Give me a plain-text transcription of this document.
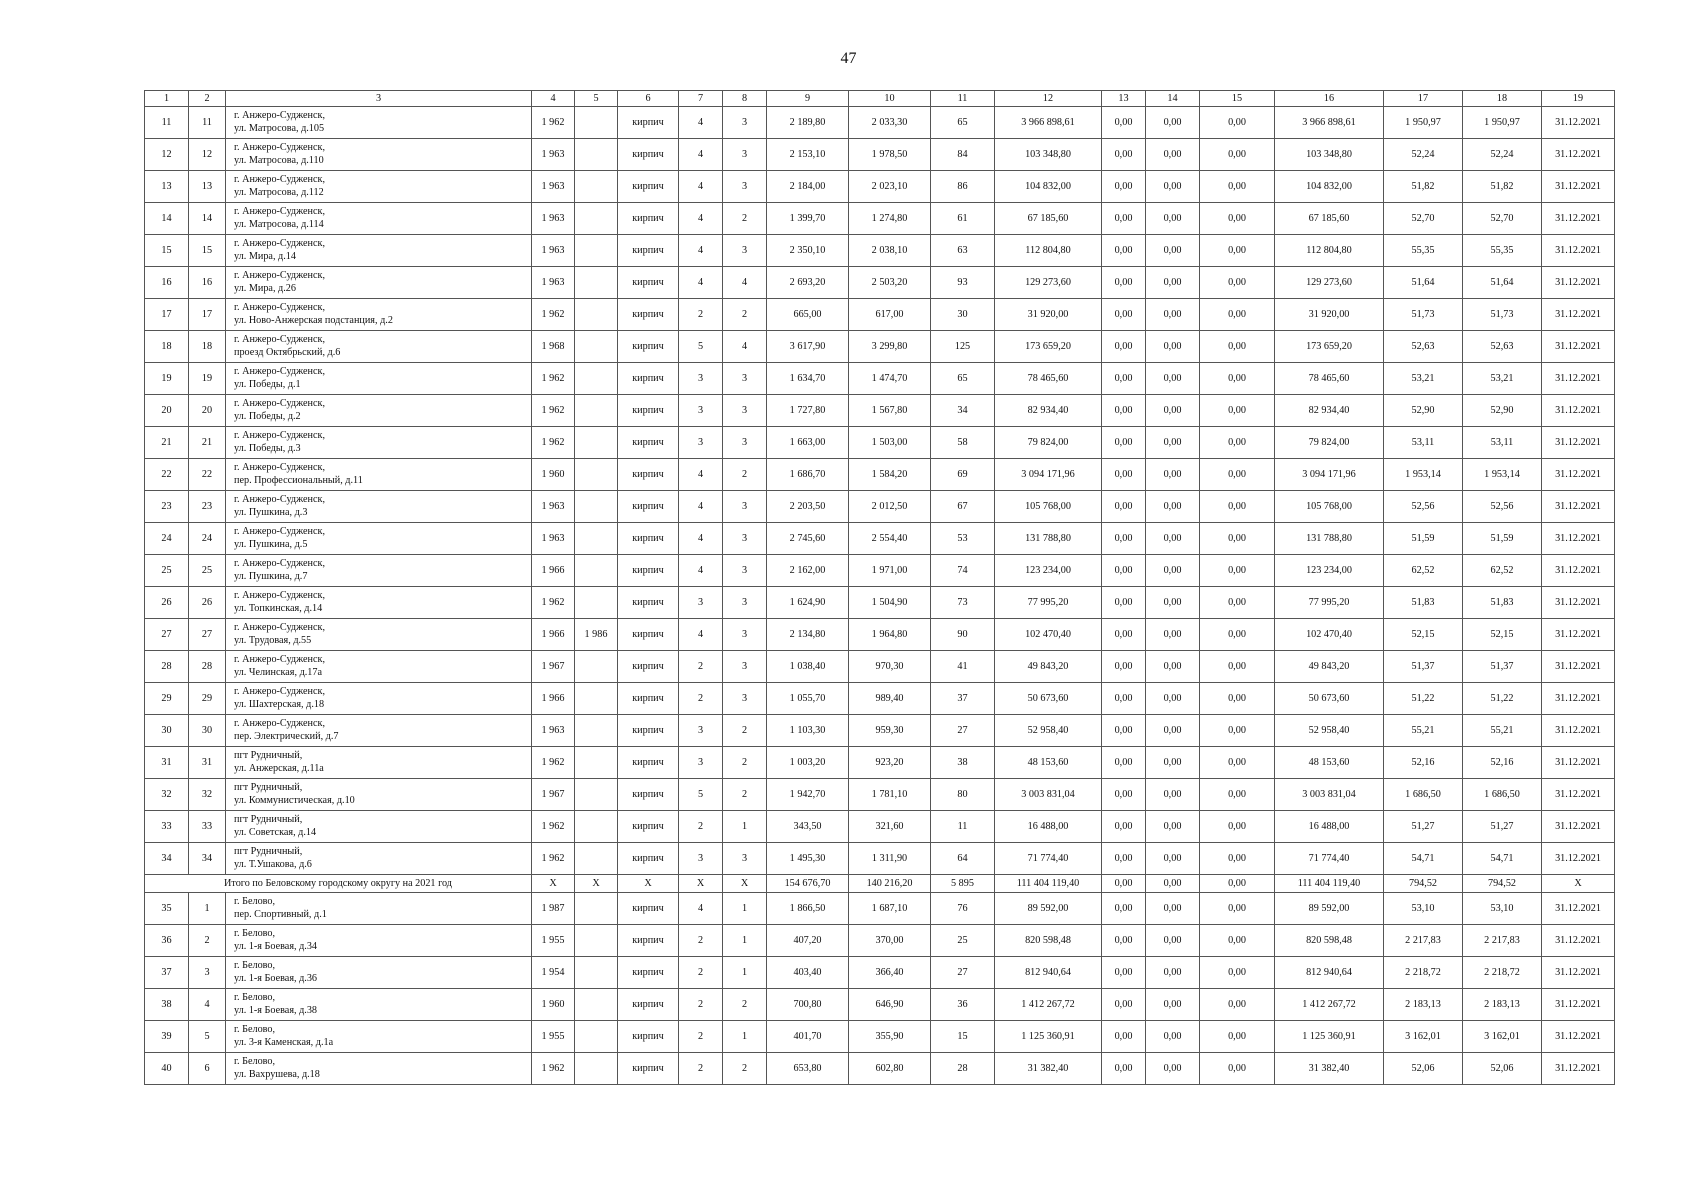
47
1	2	3	4	5	6	7	8	9	10	11	12	13	14	15	16	17	18	19
11	11	г. Анжеро-Судженск,
ул. Матросова, д.105	1 962		кирпич	4	3	2 189,80	2 033,30	65	3 966 898,61	0,00	0,00	0,00	3 966 898,61	1 950,97	1 950,97	31.12.2021
12	12	г. Анжеро-Судженск,
ул. Матросова, д.110	1 963		кирпич	4	3	2 153,10	1 978,50	84	103 348,80	0,00	0,00	0,00	103 348,80	52,24	52,24	31.12.2021
13	13	г. Анжеро-Судженск,
ул. Матросова, д.112	1 963		кирпич	4	3	2 184,00	2 023,10	86	104 832,00	0,00	0,00	0,00	104 832,00	51,82	51,82	31.12.2021
14	14	г. Анжеро-Судженск,
ул. Матросова, д.114	1 963		кирпич	4	2	1 399,70	1 274,80	61	67 185,60	0,00	0,00	0,00	67 185,60	52,70	52,70	31.12.2021
15	15	г. Анжеро-Судженск,
ул. Мира, д.14	1 963		кирпич	4	3	2 350,10	2 038,10	63	112 804,80	0,00	0,00	0,00	112 804,80	55,35	55,35	31.12.2021
16	16	г. Анжеро-Судженск,
ул. Мира, д.26	1 963		кирпич	4	4	2 693,20	2 503,20	93	129 273,60	0,00	0,00	0,00	129 273,60	51,64	51,64	31.12.2021
17	17	г. Анжеро-Судженск,
ул. Ново-Анжерская подстанция, д.2	1 962		кирпич	2	2	665,00	617,00	30	31 920,00	0,00	0,00	0,00	31 920,00	51,73	51,73	31.12.2021
18	18	г. Анжеро-Судженск,
проезд Октябрьский, д.6	1 968		кирпич	5	4	3 617,90	3 299,80	125	173 659,20	0,00	0,00	0,00	173 659,20	52,63	52,63	31.12.2021
19	19	г. Анжеро-Судженск,
ул. Победы, д.1	1 962		кирпич	3	3	1 634,70	1 474,70	65	78 465,60	0,00	0,00	0,00	78 465,60	53,21	53,21	31.12.2021
20	20	г. Анжеро-Судженск,
ул. Победы, д.2	1 962		кирпич	3	3	1 727,80	1 567,80	34	82 934,40	0,00	0,00	0,00	82 934,40	52,90	52,90	31.12.2021
21	21	г. Анжеро-Судженск,
ул. Победы, д.3	1 962		кирпич	3	3	1 663,00	1 503,00	58	79 824,00	0,00	0,00	0,00	79 824,00	53,11	53,11	31.12.2021
22	22	г. Анжеро-Судженск,
пер. Профессиональный, д.11	1 960		кирпич	4	2	1 686,70	1 584,20	69	3 094 171,96	0,00	0,00	0,00	3 094 171,96	1 953,14	1 953,14	31.12.2021
23	23	г. Анжеро-Судженск,
ул. Пушкина, д.3	1 963		кирпич	4	3	2 203,50	2 012,50	67	105 768,00	0,00	0,00	0,00	105 768,00	52,56	52,56	31.12.2021
24	24	г. Анжеро-Судженск,
ул. Пушкина, д.5	1 963		кирпич	4	3	2 745,60	2 554,40	53	131 788,80	0,00	0,00	0,00	131 788,80	51,59	51,59	31.12.2021
25	25	г. Анжеро-Судженск,
ул. Пушкина, д.7	1 966		кирпич	4	3	2 162,00	1 971,00	74	123 234,00	0,00	0,00	0,00	123 234,00	62,52	62,52	31.12.2021
26	26	г. Анжеро-Судженск,
ул. Топкинская, д.14	1 962		кирпич	3	3	1 624,90	1 504,90	73	77 995,20	0,00	0,00	0,00	77 995,20	51,83	51,83	31.12.2021
27	27	г. Анжеро-Судженск,
ул. Трудовая, д.55	1 966	1 986	кирпич	4	3	2 134,80	1 964,80	90	102 470,40	0,00	0,00	0,00	102 470,40	52,15	52,15	31.12.2021
28	28	г. Анжеро-Судженск,
ул. Челинская, д.17а	1 967		кирпич	2	3	1 038,40	970,30	41	49 843,20	0,00	0,00	0,00	49 843,20	51,37	51,37	31.12.2021
29	29	г. Анжеро-Судженск,
ул. Шахтерская, д.18	1 966		кирпич	2	3	1 055,70	989,40	37	50 673,60	0,00	0,00	0,00	50 673,60	51,22	51,22	31.12.2021
30	30	г. Анжеро-Судженск,
пер. Электрический, д.7	1 963		кирпич	3	2	1 103,30	959,30	27	52 958,40	0,00	0,00	0,00	52 958,40	55,21	55,21	31.12.2021
31	31	пгт Рудничный,
ул. Анжерская, д.11а	1 962		кирпич	3	2	1 003,20	923,20	38	48 153,60	0,00	0,00	0,00	48 153,60	52,16	52,16	31.12.2021
32	32	пгт Рудничный,
ул. Коммунистическая, д.10	1 967		кирпич	5	2	1 942,70	1 781,10	80	3 003 831,04	0,00	0,00	0,00	3 003 831,04	1 686,50	1 686,50	31.12.2021
33	33	пгт Рудничный,
ул. Советская, д.14	1 962		кирпич	2	1	343,50	321,60	11	16 488,00	0,00	0,00	0,00	16 488,00	51,27	51,27	31.12.2021
34	34	пгт Рудничный,
ул. Т.Ушакова, д.6	1 962		кирпич	3	3	1 495,30	1 311,90	64	71 774,40	0,00	0,00	0,00	71 774,40	54,71	54,71	31.12.2021
Итого по Беловскому городскому округу на 2021 год			X	X	X	X	X	154 676,70	140 216,20	5 895	111 404 119,40	0,00	0,00	0,00	111 404 119,40	794,52	794,52	X
35	1	г. Белово,
пер. Спортивный, д.1	1 987		кирпич	4	1	1 866,50	1 687,10	76	89 592,00	0,00	0,00	0,00	89 592,00	53,10	53,10	31.12.2021
36	2	г. Белово,
ул. 1-я Боевая, д.34	1 955		кирпич	2	1	407,20	370,00	25	820 598,48	0,00	0,00	0,00	820 598,48	2 217,83	2 217,83	31.12.2021
37	3	г. Белово,
ул. 1-я Боевая, д.36	1 954		кирпич	2	1	403,40	366,40	27	812 940,64	0,00	0,00	0,00	812 940,64	2 218,72	2 218,72	31.12.2021
38	4	г. Белово,
ул. 1-я Боевая, д.38	1 960		кирпич	2	2	700,80	646,90	36	1 412 267,72	0,00	0,00	0,00	1 412 267,72	2 183,13	2 183,13	31.12.2021
39	5	г. Белово,
ул. 3-я Каменская, д.1а	1 955		кирпич	2	1	401,70	355,90	15	1 125 360,91	0,00	0,00	0,00	1 125 360,91	3 162,01	3 162,01	31.12.2021
40	6	г. Белово,
ул. Вахрушева, д.18	1 962		кирпич	2	2	653,80	602,80	28	31 382,40	0,00	0,00	0,00	31 382,40	52,06	52,06	31.12.2021
